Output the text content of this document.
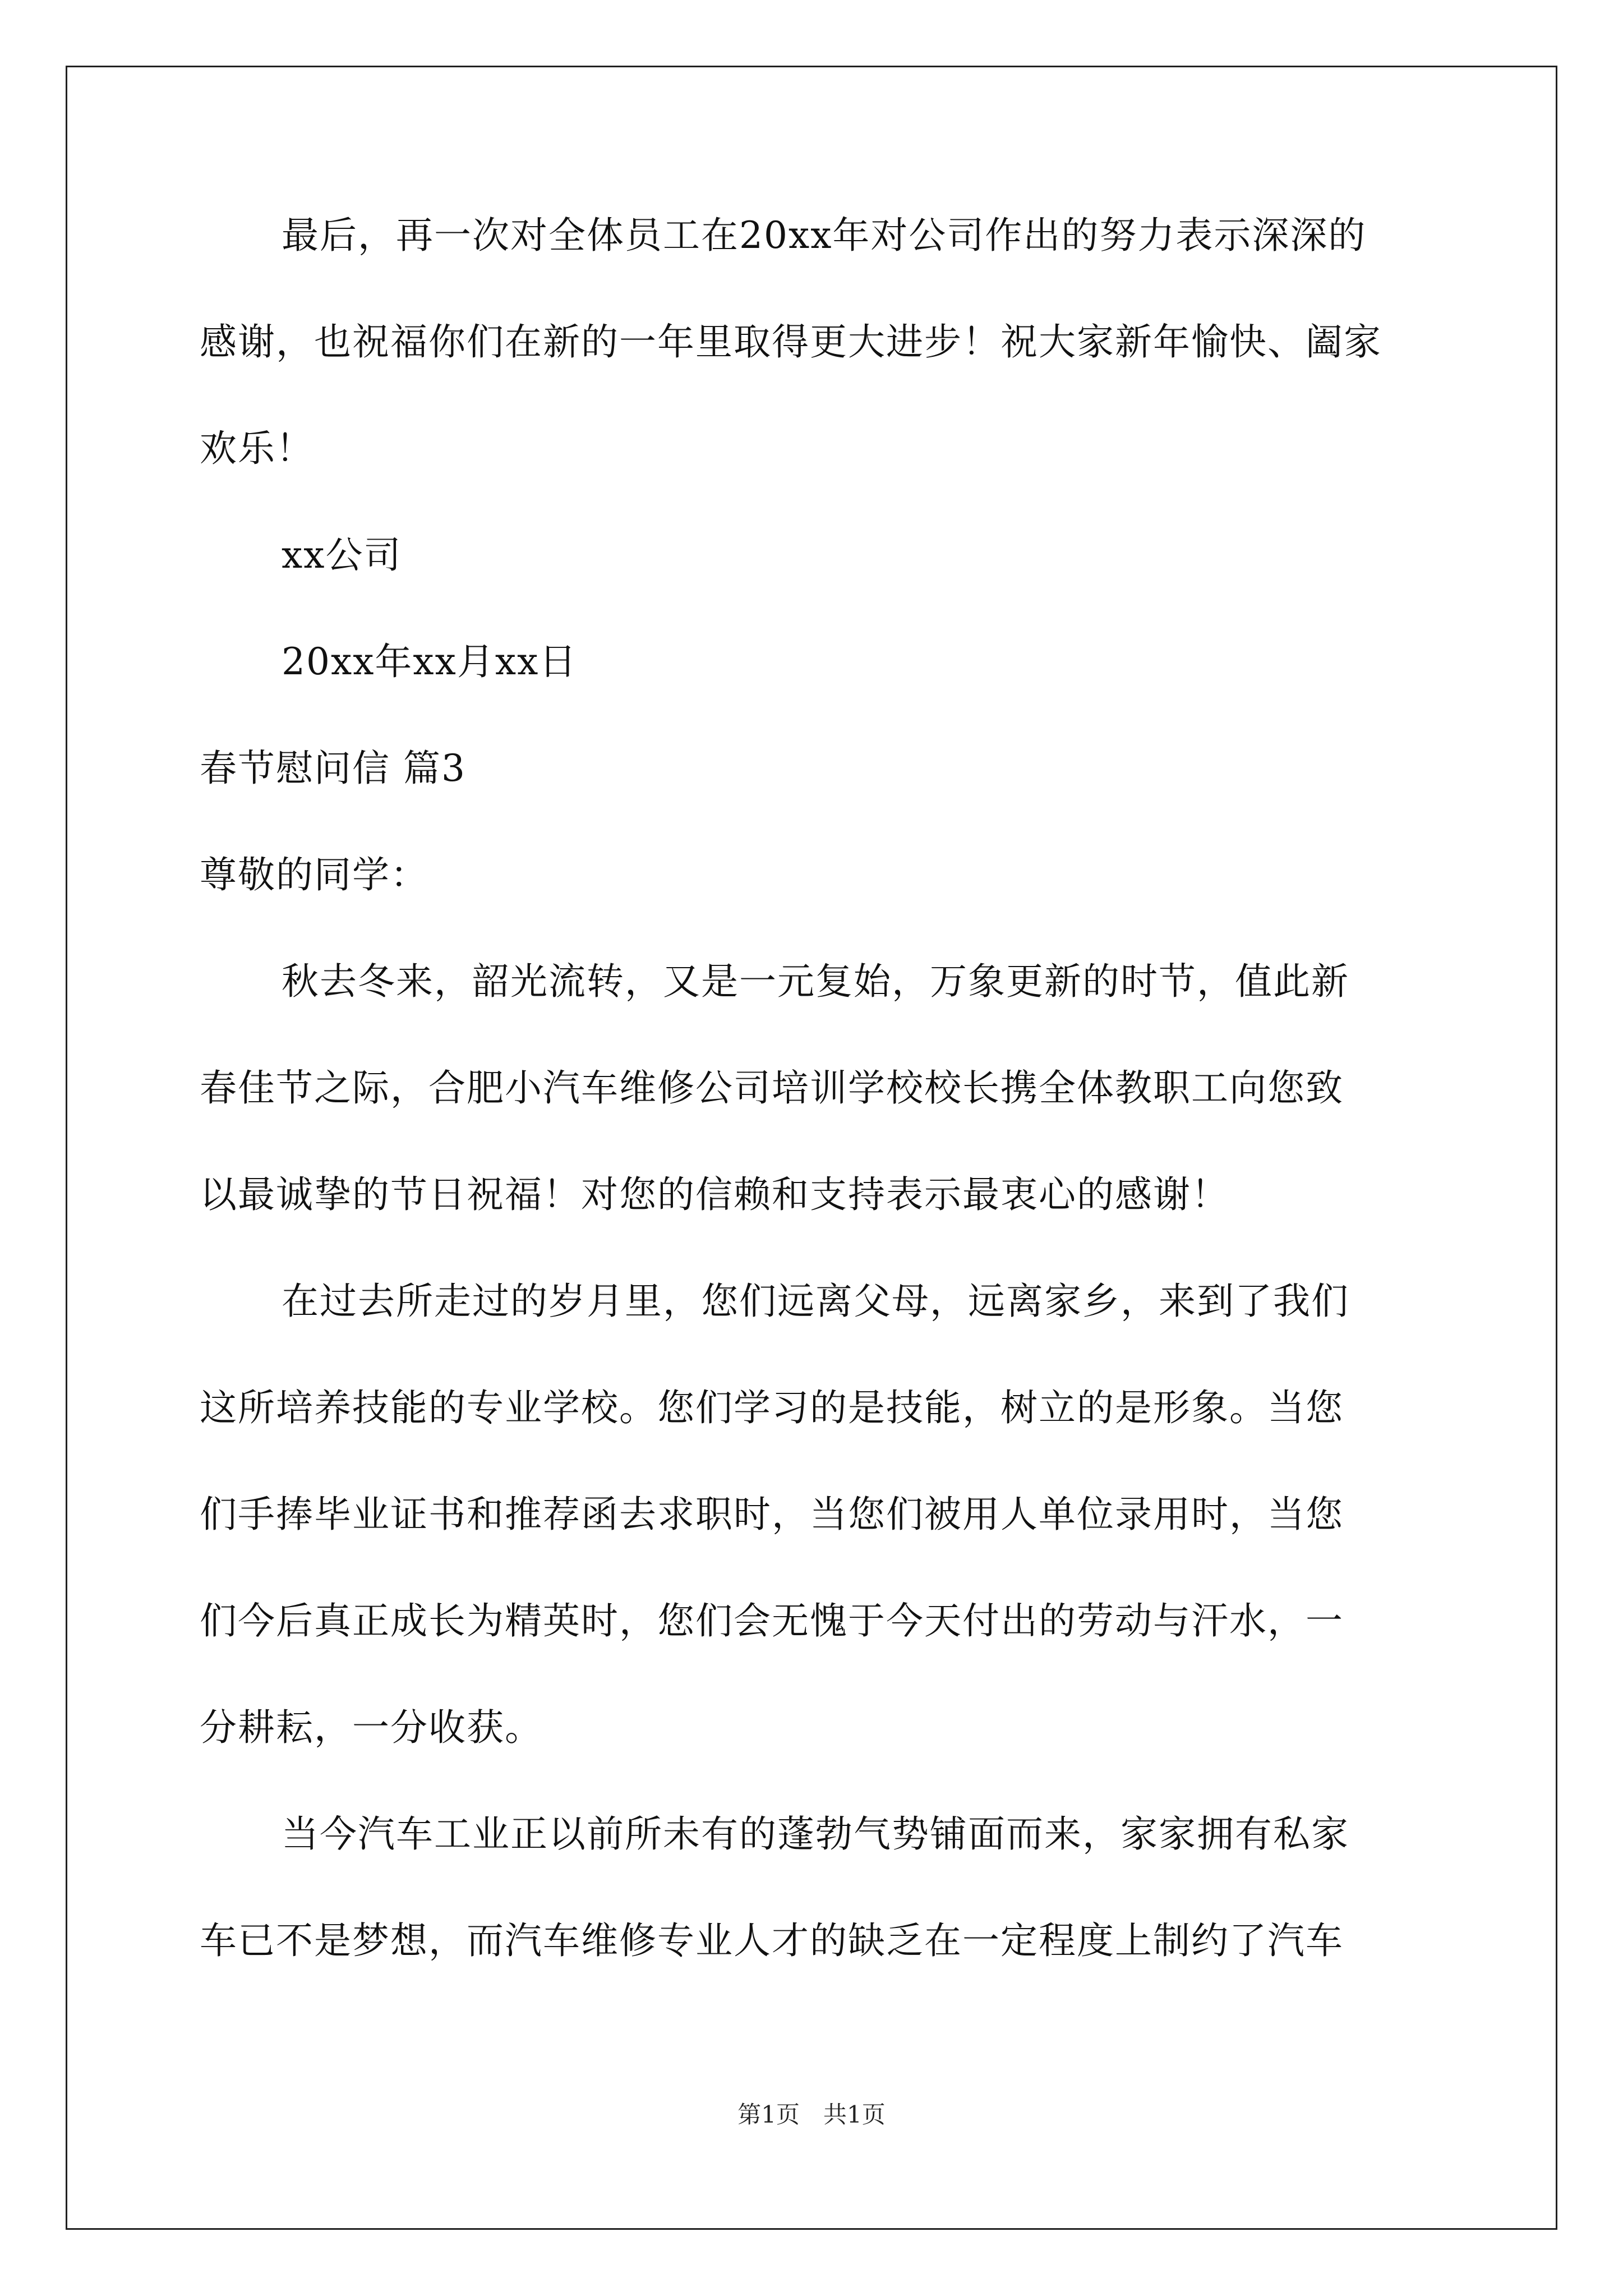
最后，再一次对全体员工在20xx年对公司作出的努力表示深深的

感谢，也祝福你们在新的一年里取得更大进步！祝大家新年愉快、阖家

欢乐！

xx公司

20xx年xx月xx日

春节慰问信 篇3

尊敬的同学：

秋去冬来，韶光流转，又是一元复始，万象更新的时节，值此新

春佳节之际，合肥小汽车维修公司培训学校校长携全体教职工向您致

以最诚挚的节日祝福！对您的信赖和支持表示最衷心的感谢！

在过去所走过的岁月里，您们远离父母，远离家乡，来到了我们

这所培养技能的专业学校。您们学习的是技能，树立的是形象。当您

们手捧毕业证书和推荐函去求职时，当您们被用人单位录用时，当您

们今后真正成长为精英时，您们会无愧于今天付出的劳动与汗水，一

分耕耘，一分收获。

当今汽车工业正以前所未有的蓬勃气势铺面而来，家家拥有私家

车已不是梦想，而汽车维修专业人才的缺乏在一定程度上制约了汽车

第1页　共1页
